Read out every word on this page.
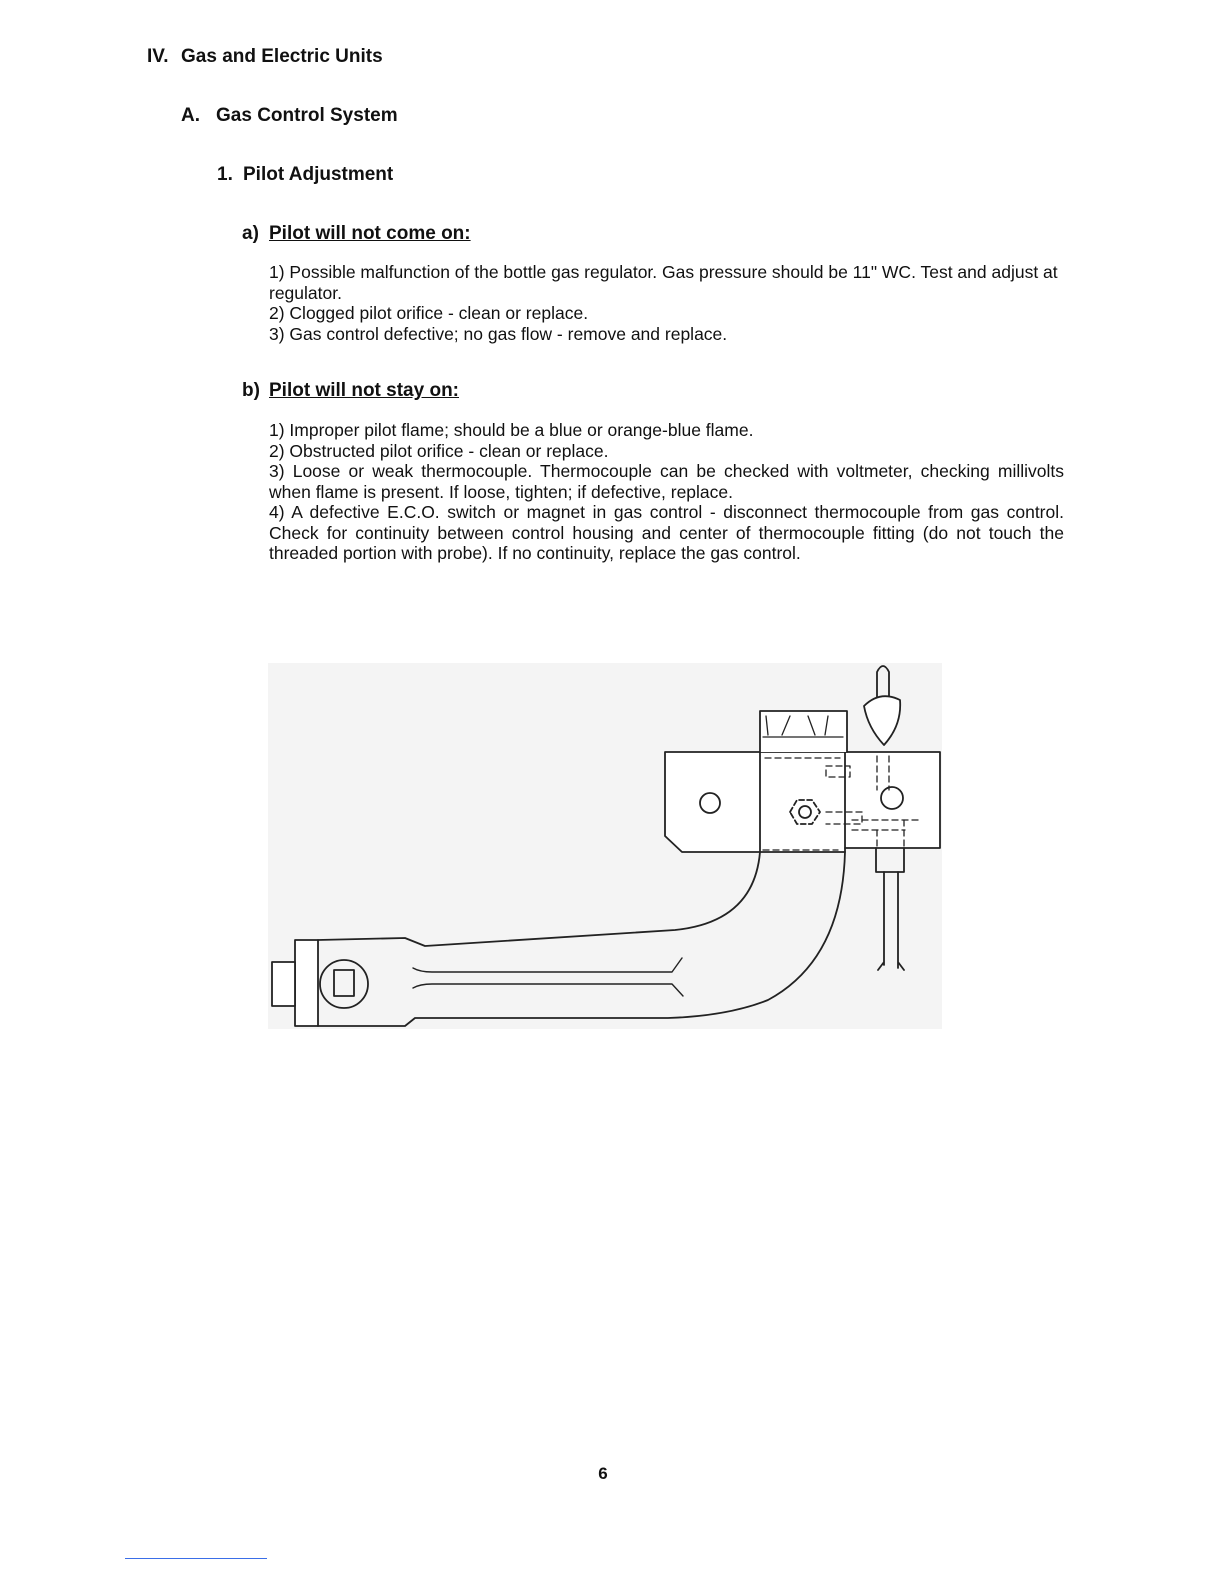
IV. Gas and Electric Units
A. Gas Control System
1. Pilot Adjustment
a) Pilot will not come on:

1) Possible malfunction of the bottle gas regulator. Gas pressure should be 11" WC. Test and adjust at regulator.

2) Clogged pilot orifice - clean or replace.

3) Gas control defective; no gas flow - remove and replace.

b) Pilot will not stay on:

1) Improper pilot flame; should be a blue or orange-blue flame.

2) Obstructed pilot orifice - clean or replace.

3) Loose or weak thermocouple. Thermocouple can be checked with voltmeter, checking millivolts when flame is present. If loose, tighten; if defective, replace.

4) A defective E.C.O. switch or magnet in gas control - disconnect thermocouple from gas control. Check for continuity between control housing and center of thermocouple fitting (do not touch the threaded portion with probe). If no continuity, replace the gas control.

6
